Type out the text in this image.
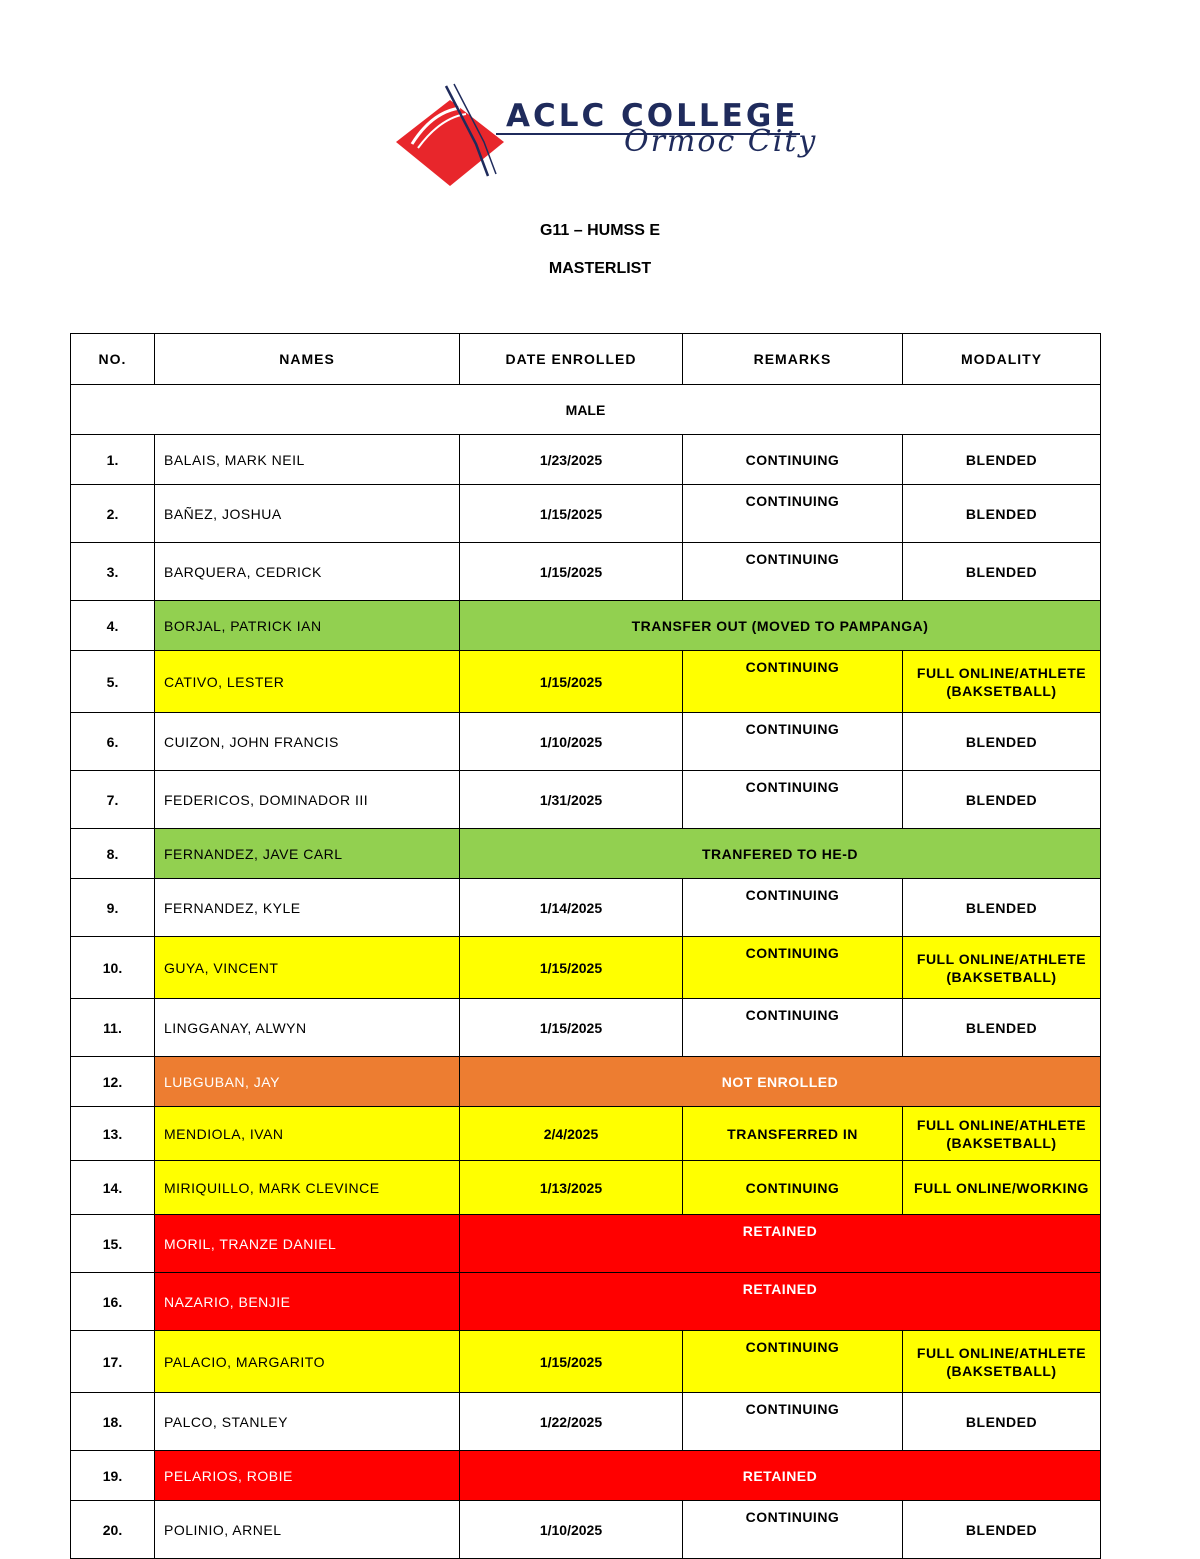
ACLC COLLEGE
Ormoc City
G11 – HUMSS E
MASTERLIST
NO.	NAMES	DATE ENROLLED	REMARKS	MODALITY
MALE				
1.	BALAIS, MARK NEIL	1/23/2025	CONTINUING	BLENDED
2.	BAÑEZ, JOSHUA	1/15/2025	CONTINUING	BLENDED
3.	BARQUERA, CEDRICK	1/15/2025	CONTINUING	BLENDED
4.	BORJAL, PATRICK IAN	TRANSFER OUT (MOVED TO PAMPANGA)		
5.	CATIVO, LESTER	1/15/2025	CONTINUING	FULL ONLINE/ATHLETE (BAKSETBALL)
6.	CUIZON, JOHN FRANCIS	1/10/2025	CONTINUING	BLENDED
7.	FEDERICOS, DOMINADOR III	1/31/2025	CONTINUING	BLENDED
8.	FERNANDEZ, JAVE CARL	TRANFERED TO HE-D		
9.	FERNANDEZ, KYLE	1/14/2025	CONTINUING	BLENDED
10.	GUYA, VINCENT	1/15/2025	CONTINUING	FULL ONLINE/ATHLETE (BAKSETBALL)
11.	LINGGANAY, ALWYN	1/15/2025	CONTINUING	BLENDED
12.	LUBGUBAN, JAY	NOT ENROLLED		
13.	MENDIOLA, IVAN	2/4/2025	TRANSFERRED IN	FULL ONLINE/ATHLETE (BAKSETBALL)
14.	MIRIQUILLO, MARK CLEVINCE	1/13/2025	CONTINUING	FULL ONLINE/WORKING
15.	MORIL, TRANZE DANIEL	RETAINED		
16.	NAZARIO, BENJIE	RETAINED		
17.	PALACIO, MARGARITO	1/15/2025	CONTINUING	FULL ONLINE/ATHLETE (BAKSETBALL)
18.	PALCO, STANLEY	1/22/2025	CONTINUING	BLENDED
19.	PELARIOS, ROBIE	RETAINED		
20.	POLINIO, ARNEL	1/10/2025	CONTINUING	BLENDED
